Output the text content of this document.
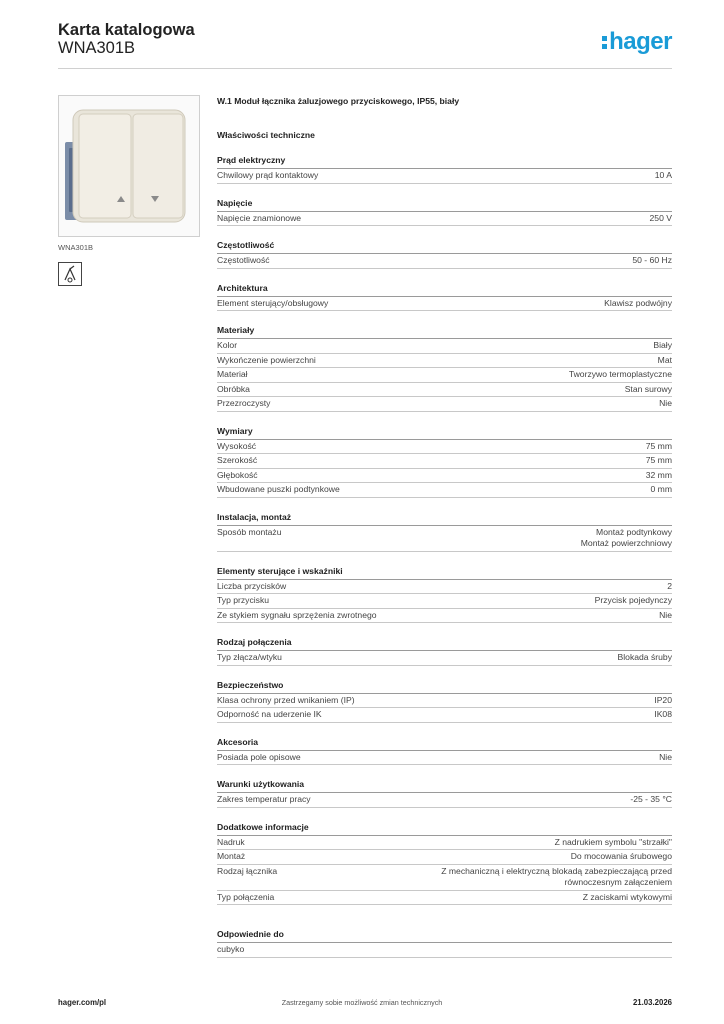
Karta katalogowa
WNA301B	hager
WNA301B
W.1 Moduł łącznika żaluzjowego przyciskowego, IP55, biały
Właściwości techniczne
Prąd elektryczny
Chwilowy prąd kontaktowy	10 A
Napięcie
Napięcie znamionowe	250 V
Częstotliwość
Częstotliwość	50 - 60 Hz
Architektura
Element sterujący/obsługowy	Klawisz podwójny
Materiały
Kolor	Biały
Wykończenie powierzchni	Mat
Materiał	Tworzywo termoplastyczne
Obróbka	Stan surowy
Przezroczysty	Nie
Wymiary
Wysokość	75 mm
Szerokość	75 mm
Głębokość	32 mm
Wbudowane puszki podtynkowe	0 mm
Instalacja, montaż
Sposób montażu	Montaż podtynkowy
Montaż powierzchniowy
Elementy sterujące i wskaźniki
Liczba przycisków	2
Typ przycisku	Przycisk pojedynczy
Ze stykiem sygnału sprzężenia zwrotnego	Nie
Rodzaj połączenia
Typ złącza/wtyku	Blokada śruby
Bezpieczeństwo
Klasa ochrony przed wnikaniem (IP)	IP20
Odporność na uderzenie IK	IK08
Akcesoria
Posiada pole opisowe	Nie
Warunki użytkowania
Zakres temperatur pracy	-25 - 35 °C
Dodatkowe informacje
Nadruk	Z nadrukiem symbolu "strzałki"
Montaż	Do mocowania śrubowego
Rodzaj łącznika	Z mechaniczną i elektryczną blokadą zabezpieczającą przed
równoczesnym załączeniem
Typ połączenia	Z zaciskami wtykowymi
Odpowiednie do
cubyko
hager.com/pl	Zastrzegamy sobie możliwość zmian technicznych	21.03.2026
